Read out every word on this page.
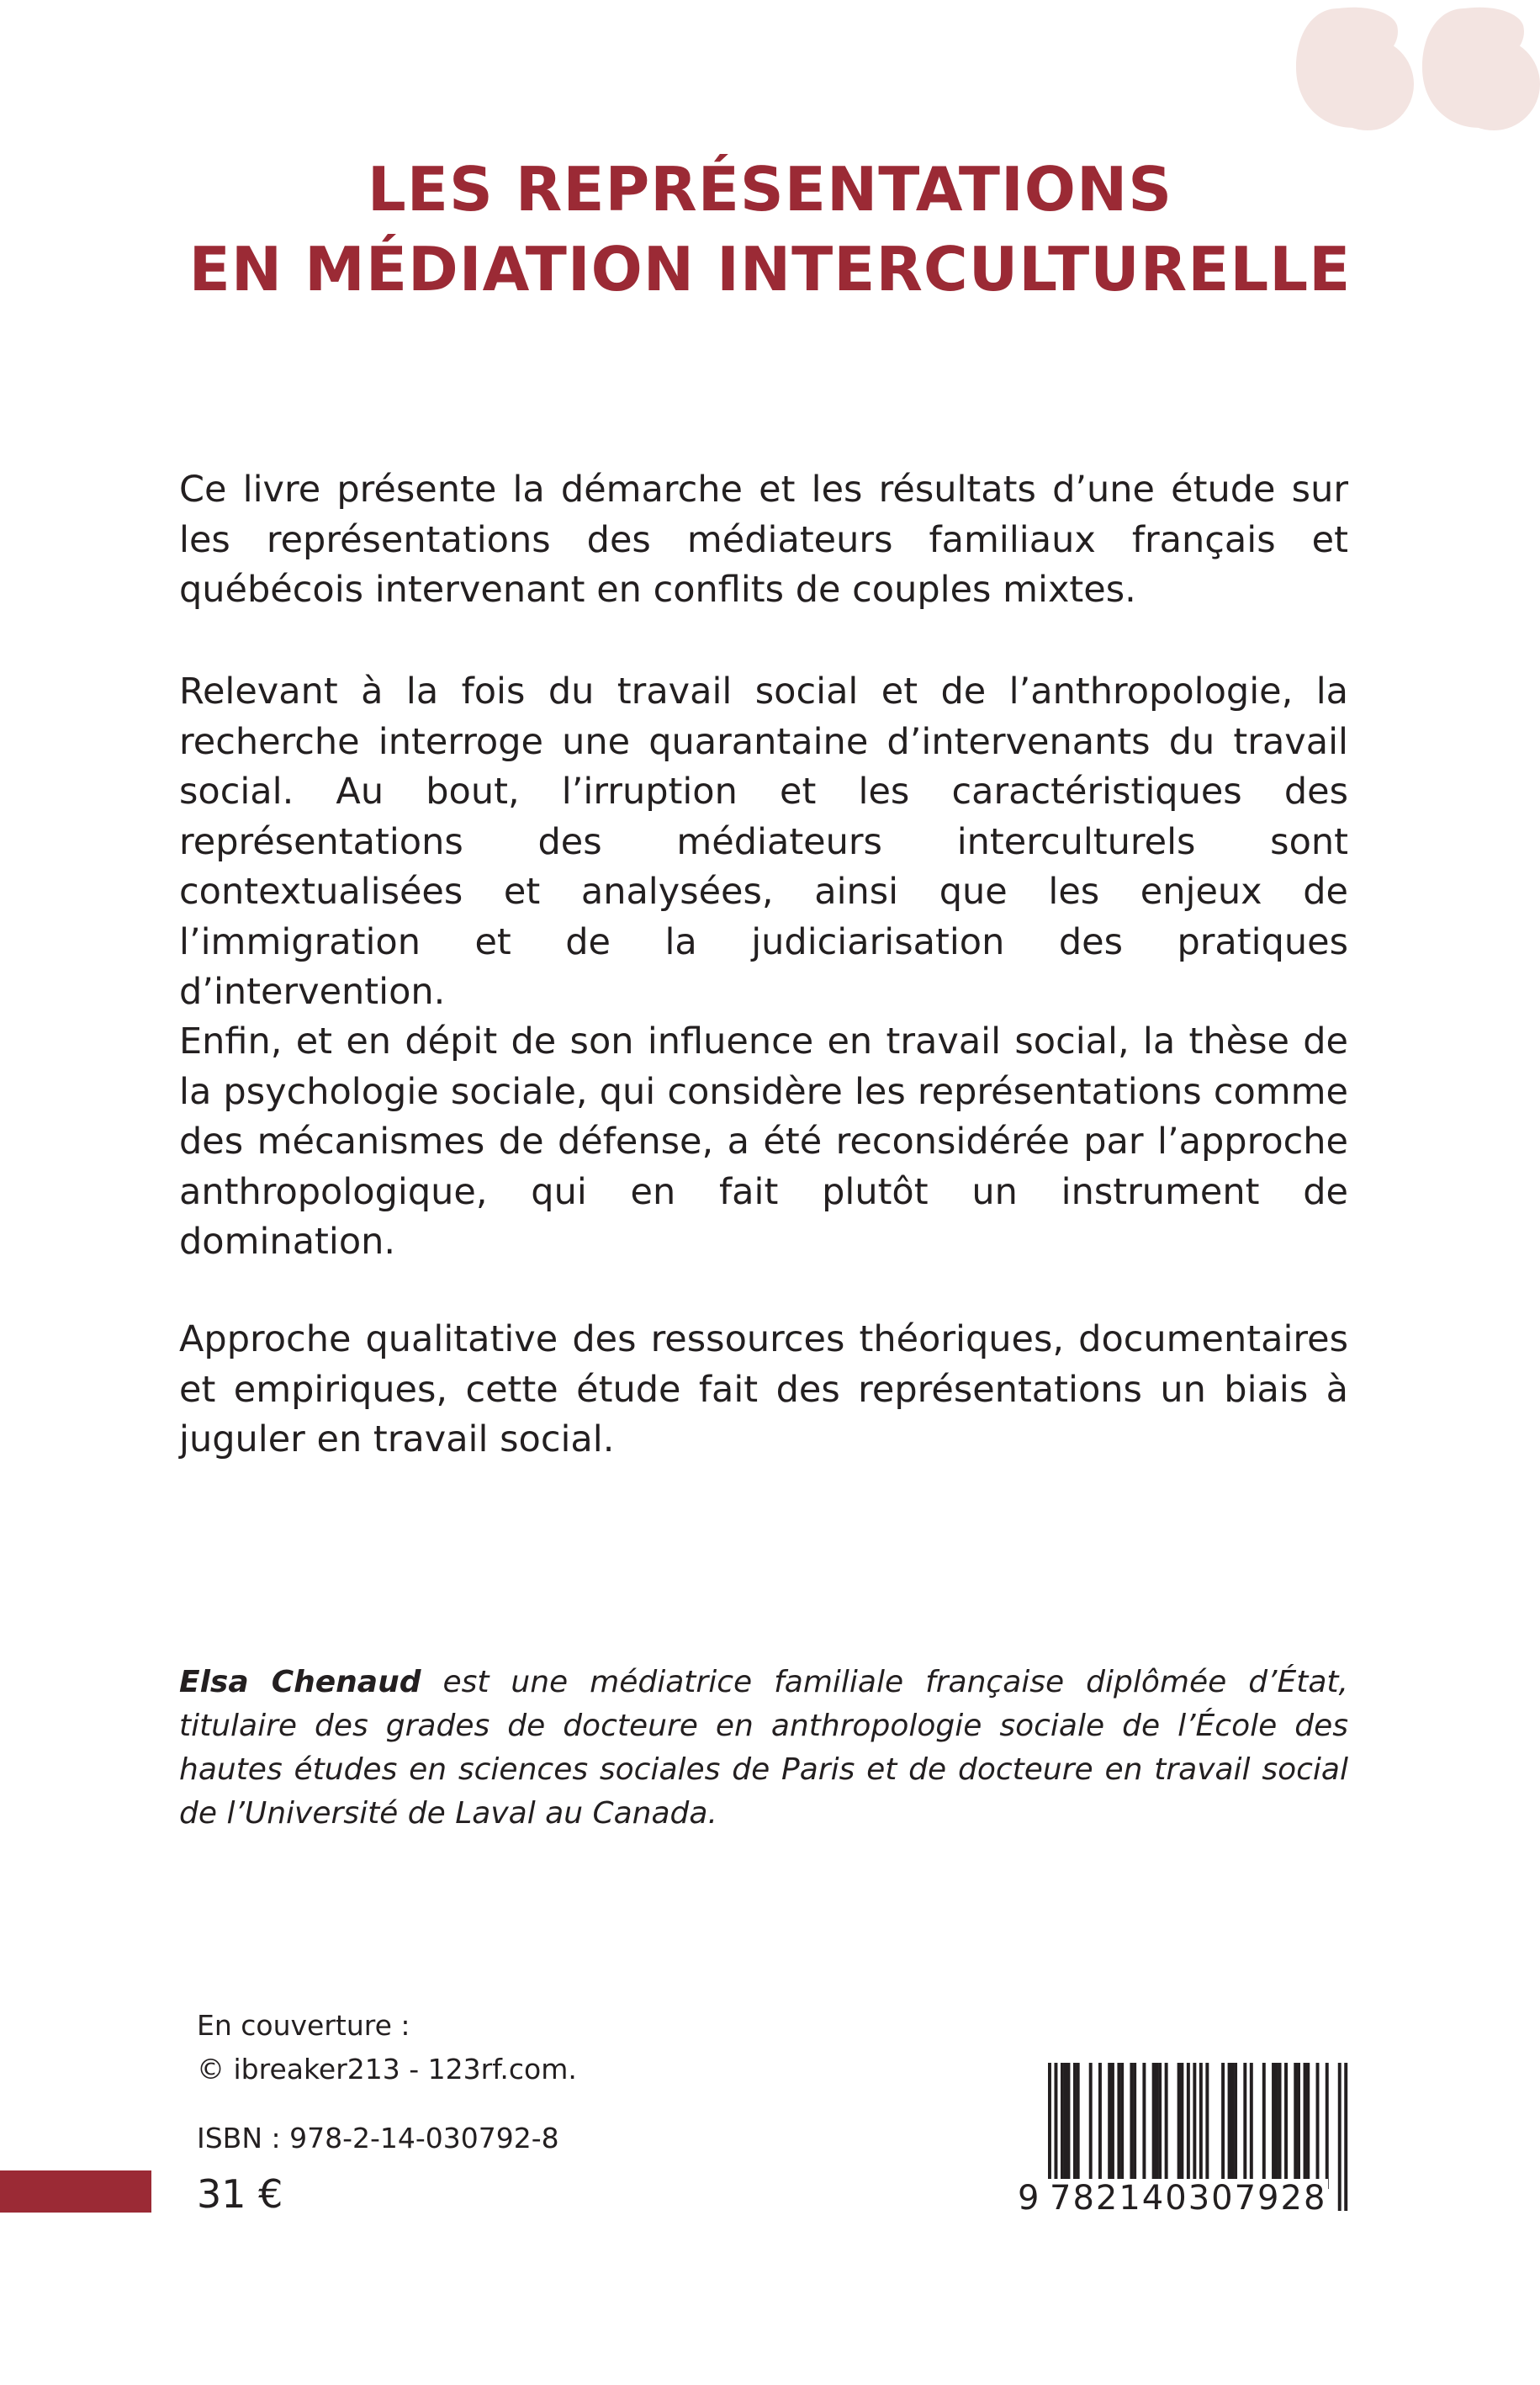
LES REPRÉSENTATIONS
EN MÉDIATION INTERCULTURELLE

Ce livre présente la démarche et les résultats d’une étude sur les représentations des médiateurs familiaux français et québécois intervenant en conflits de couples mixtes.

Relevant à la fois du travail social et de l’anthropologie, la recherche interroge une quarantaine d’intervenants du travail social. Au bout, l’irruption et les caractéristiques des représentations des médiateurs interculturels sont contextualisées et analysées, ainsi que les enjeux de l’immigration et de la judiciarisation des pratiques d’intervention.

Enfin, et en dépit de son influence en travail social, la thèse de la psychologie sociale, qui considère les représentations comme des mécanismes de défense, a été reconsidérée par l’approche anthropologique, qui en fait plutôt un instrument de domination.

Approche qualitative des ressources théoriques, documentaires et empiriques, cette étude fait des représentations un biais à juguler en travail social.

Elsa Chenaud est une médiatrice familiale française diplômée d’État, titulaire des grades de docteure en anthropologie sociale de l’École des hautes études en sciences sociales de Paris et de docteure en travail social de l’Université de Laval au Canada.
En couverture :
© ibreaker213 - 123rf.com.
ISBN : 978-2-14-030792-8
31 €	9 782140307928
